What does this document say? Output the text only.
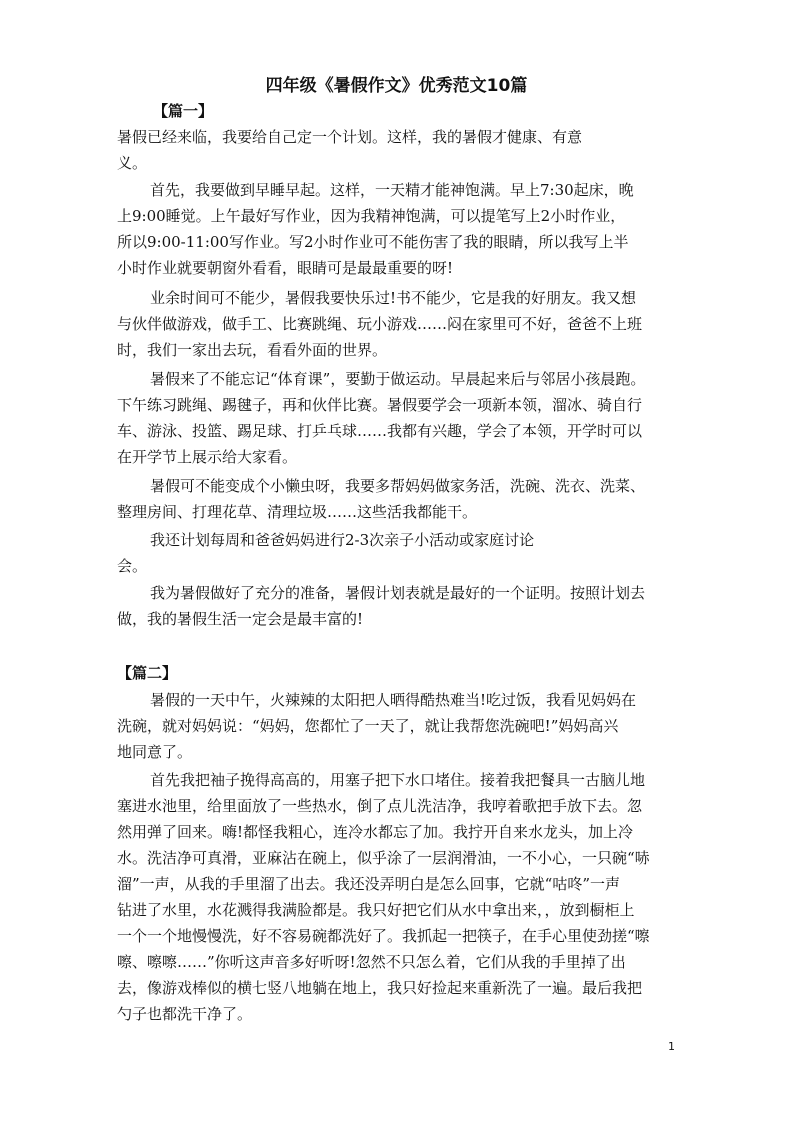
四年级《暑假作文》优秀范文10篇
【篇一】
暑假已经来临，我要给自己定一个计划。这样，我的暑假才健康、有意
义。
首先，我要做到早睡早起。这样，一天精才能神饱满。早上7:30起床，晚
上9:00睡觉。上午最好写作业，因为我精神饱满，可以提笔写上2小时作业，
所以9:00-11:00写作业。写2小时作业可不能伤害了我的眼睛，所以我写上半
小时作业就要朝窗外看看，眼睛可是最最重要的呀!
业余时间可不能少，暑假我要快乐过!书不能少，它是我的好朋友。我又想
与伙伴做游戏，做手工、比赛跳绳、玩小游戏……闷在家里可不好，爸爸不上班
时，我们一家出去玩，看看外面的世界。
暑假来了不能忘记“体育课”，要勤于做运动。早晨起来后与邻居小孩晨跑。
下午练习跳绳、踢毽子，再和伙伴比赛。暑假要学会一项新本领，溜冰、骑自行
车、游泳、投篮、踢足球、打乒乓球……我都有兴趣，学会了本领，开学时可以
在开学节上展示给大家看。
暑假可不能变成个小懒虫呀，我要多帮妈妈做家务活，洗碗、洗衣、洗菜、
整理房间、打理花草、清理垃圾……这些活我都能干。
我还计划每周和爸爸妈妈进行2-3次亲子小活动或家庭讨论
会。
我为暑假做好了充分的准备，暑假计划表就是最好的一个证明。按照计划去
做，我的暑假生活一定会是最丰富的!
【篇二】
暑假的一天中午，火辣辣的太阳把人晒得酷热难当!吃过饭，我看见妈妈在
洗碗，就对妈妈说：“妈妈，您都忙了一天了，就让我帮您洗碗吧!”妈妈高兴
地同意了。
首先我把袖子挽得高高的，用塞子把下水口堵住。接着我把餐具一古脑儿地
塞进水池里，给里面放了一些热水，倒了点儿洗洁净，我哼着歌把手放下去。忽
然用弹了回来。嗨!都怪我粗心，连冷水都忘了加。我拧开自来水龙头，加上冷
水。洗洁净可真滑，亚麻沾在碗上，似乎涂了一层润滑油，一不小心，一只碗“哧
溜”一声，从我的手里溜了出去。我还没弄明白是怎么回事，它就“咕咚”一声
钻进了水里，水花溅得我满脸都是。我只好把它们从水中拿出来，，放到橱柜上
一个一个地慢慢洗，好不容易碗都洗好了。我抓起一把筷子，在手心里使劲搓“嚓
嚓、嚓嚓……”你听这声音多好听呀!忽然不只怎么着，它们从我的手里掉了出
去，像游戏棒似的横七竖八地躺在地上，我只好捡起来重新洗了一遍。最后我把
勺子也都洗干净了。
1
